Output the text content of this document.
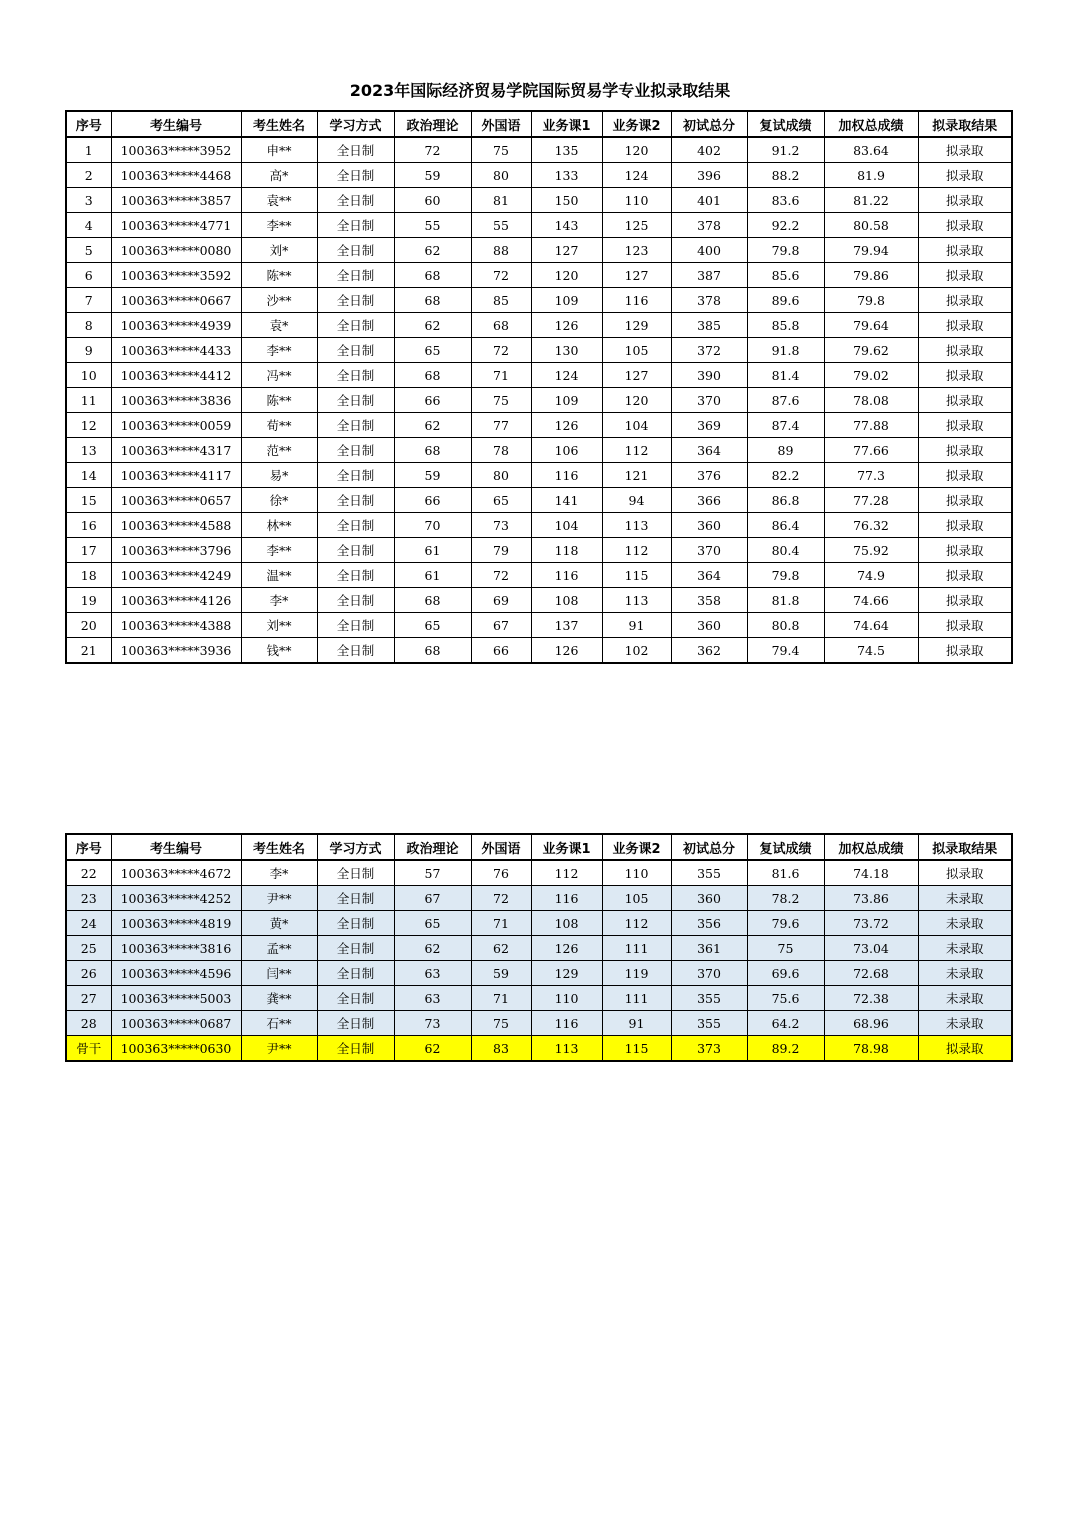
2023年国际经济贸易学院国际贸易学专业拟录取结果
序号	考生编号	考生姓名	学习方式	政治理论	外国语	业务课1	业务课2	初试总分	复试成绩	加权总成绩	拟录取结果
1	100363*****3952	申**	全日制	72	75	135	120	402	91.2	83.64	拟录取
2	100363*****4468	高*	全日制	59	80	133	124	396	88.2	81.9	拟录取
3	100363*****3857	袁**	全日制	60	81	150	110	401	83.6	81.22	拟录取
4	100363*****4771	李**	全日制	55	55	143	125	378	92.2	80.58	拟录取
5	100363*****0080	刘*	全日制	62	88	127	123	400	79.8	79.94	拟录取
6	100363*****3592	陈**	全日制	68	72	120	127	387	85.6	79.86	拟录取
7	100363*****0667	沙**	全日制	68	85	109	116	378	89.6	79.8	拟录取
8	100363*****4939	袁*	全日制	62	68	126	129	385	85.8	79.64	拟录取
9	100363*****4433	李**	全日制	65	72	130	105	372	91.8	79.62	拟录取
10	100363*****4412	冯**	全日制	68	71	124	127	390	81.4	79.02	拟录取
11	100363*****3836	陈**	全日制	66	75	109	120	370	87.6	78.08	拟录取
12	100363*****0059	荀**	全日制	62	77	126	104	369	87.4	77.88	拟录取
13	100363*****4317	范**	全日制	68	78	106	112	364	89	77.66	拟录取
14	100363*****4117	易*	全日制	59	80	116	121	376	82.2	77.3	拟录取
15	100363*****0657	徐*	全日制	66	65	141	94	366	86.8	77.28	拟录取
16	100363*****4588	林**	全日制	70	73	104	113	360	86.4	76.32	拟录取
17	100363*****3796	李**	全日制	61	79	118	112	370	80.4	75.92	拟录取
18	100363*****4249	温**	全日制	61	72	116	115	364	79.8	74.9	拟录取
19	100363*****4126	李*	全日制	68	69	108	113	358	81.8	74.66	拟录取
20	100363*****4388	刘**	全日制	65	67	137	91	360	80.8	74.64	拟录取
21	100363*****3936	钱**	全日制	68	66	126	102	362	79.4	74.5	拟录取
序号	考生编号	考生姓名	学习方式	政治理论	外国语	业务课1	业务课2	初试总分	复试成绩	加权总成绩	拟录取结果
22	100363*****4672	李*	全日制	57	76	112	110	355	81.6	74.18	拟录取
23	100363*****4252	尹**	全日制	67	72	116	105	360	78.2	73.86	未录取
24	100363*****4819	黄*	全日制	65	71	108	112	356	79.6	73.72	未录取
25	100363*****3816	孟**	全日制	62	62	126	111	361	75	73.04	未录取
26	100363*****4596	闫**	全日制	63	59	129	119	370	69.6	72.68	未录取
27	100363*****5003	龚**	全日制	63	71	110	111	355	75.6	72.38	未录取
28	100363*****0687	石**	全日制	73	75	116	91	355	64.2	68.96	未录取
骨干	100363*****0630	尹**	全日制	62	83	113	115	373	89.2	78.98	拟录取
